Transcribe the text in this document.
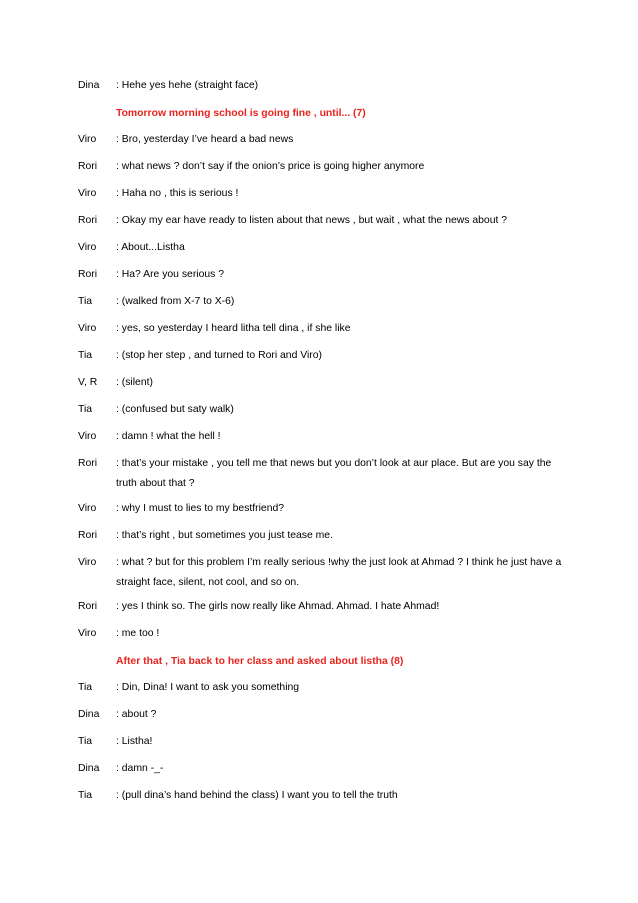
Dina	: Hehe yes hehe (straight face)
Tomorrow morning school is going fine , until... (7)
Viro	: Bro, yesterday I’ve heard a bad news
Rori	: what news ? don’t say if the onion’s price is going higher anymore
Viro	: Haha no , this is serious !
Rori	: Okay my ear have ready to listen about that news , but wait , what the news about ?
Viro	: About...Listha
Rori	: Ha? Are you serious ?
Tia	: (walked from X-7 to X-6)
Viro	: yes, so yesterday I heard litha tell dina , if she like
Tia	: (stop her step , and turned to Rori and Viro)
V, R	: (silent)
Tia	: (confused but saty walk)
Viro	: damn ! what the hell !
Rori	: that’s your mistake , you tell me that news but you don’t look at aur place. But are you say the truth about that ?
Viro	: why I must to lies to my bestfriend?
Rori	: that’s right , but sometimes you just tease me.
Viro	: what ? but for this problem I’m really serious !why the just look at Ahmad ? I think he just have a straight face, silent, not cool, and so on.
Rori	: yes I think so. The girls now really like Ahmad. Ahmad. I hate Ahmad!
Viro	: me too !
After that , Tia back to her class and asked about listha (8)
Tia	: Din, Dina! I want to ask you something
Dina	: about ?
Tia	: Listha!
Dina	: damn -_-
Tia	: (pull dina’s hand behind the class) I want you to tell the truth
